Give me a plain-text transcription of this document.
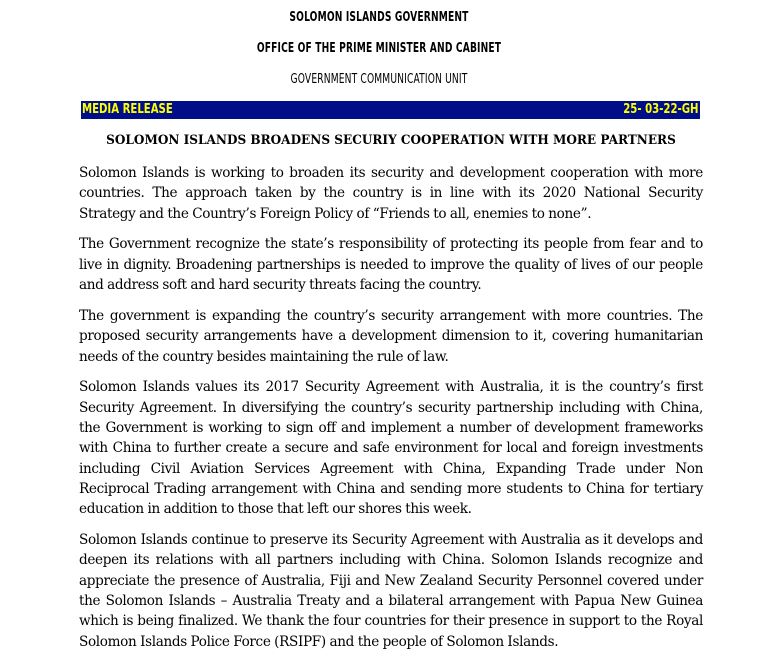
SOLOMON ISLANDS GOVERNMENT
OFFICE OF THE PRIME MINISTER AND CABINET
GOVERNMENT COMMUNICATION UNIT
MEDIA RELEASE	25- 03-22-GH
SOLOMON ISLANDS BROADENS SECURIY COOPERATION WITH MORE PARTNERS

Solomon Islands is working to broaden its security and development cooperation with more countries. The approach taken by the country is in line with its 2020 National Security Strategy and the Country’s Foreign Policy of “Friends to all, enemies to none”.

The Government recognize the state’s responsibility of protecting its people from fear and to live in dignity. Broadening partnerships is needed to improve the quality of lives of our people and address soft and hard security threats facing the country.

The government is expanding the country’s security arrangement with more countries. The proposed security arrangements have a development dimension to it, covering humanitarian needs of the country besides maintaining the rule of law.

Solomon Islands values its 2017 Security Agreement with Australia, it is the country’s first Security Agreement. In diversifying the country’s security partnership including with China, the Government is working to sign off and implement a number of development frameworks with China to further create a secure and safe environment for local and foreign investments including Civil Aviation Services Agreement with China, Expanding Trade under Non Reciprocal Trading arrangement with China and sending more students to China for tertiary education in addition to those that left our shores this week.

Solomon Islands continue to preserve its Security Agreement with Australia as it develops and deepen its relations with all partners including with China. Solomon Islands recognize and appreciate the presence of Australia, Fiji and New Zealand Security Personnel covered under the Solomon Islands – Australia Treaty and a bilateral arrangement with Papua New Guinea which is being finalized. We thank the four countries for their presence in support to the Royal Solomon Islands Police Force (RSIPF) and the people of Solomon Islands.
